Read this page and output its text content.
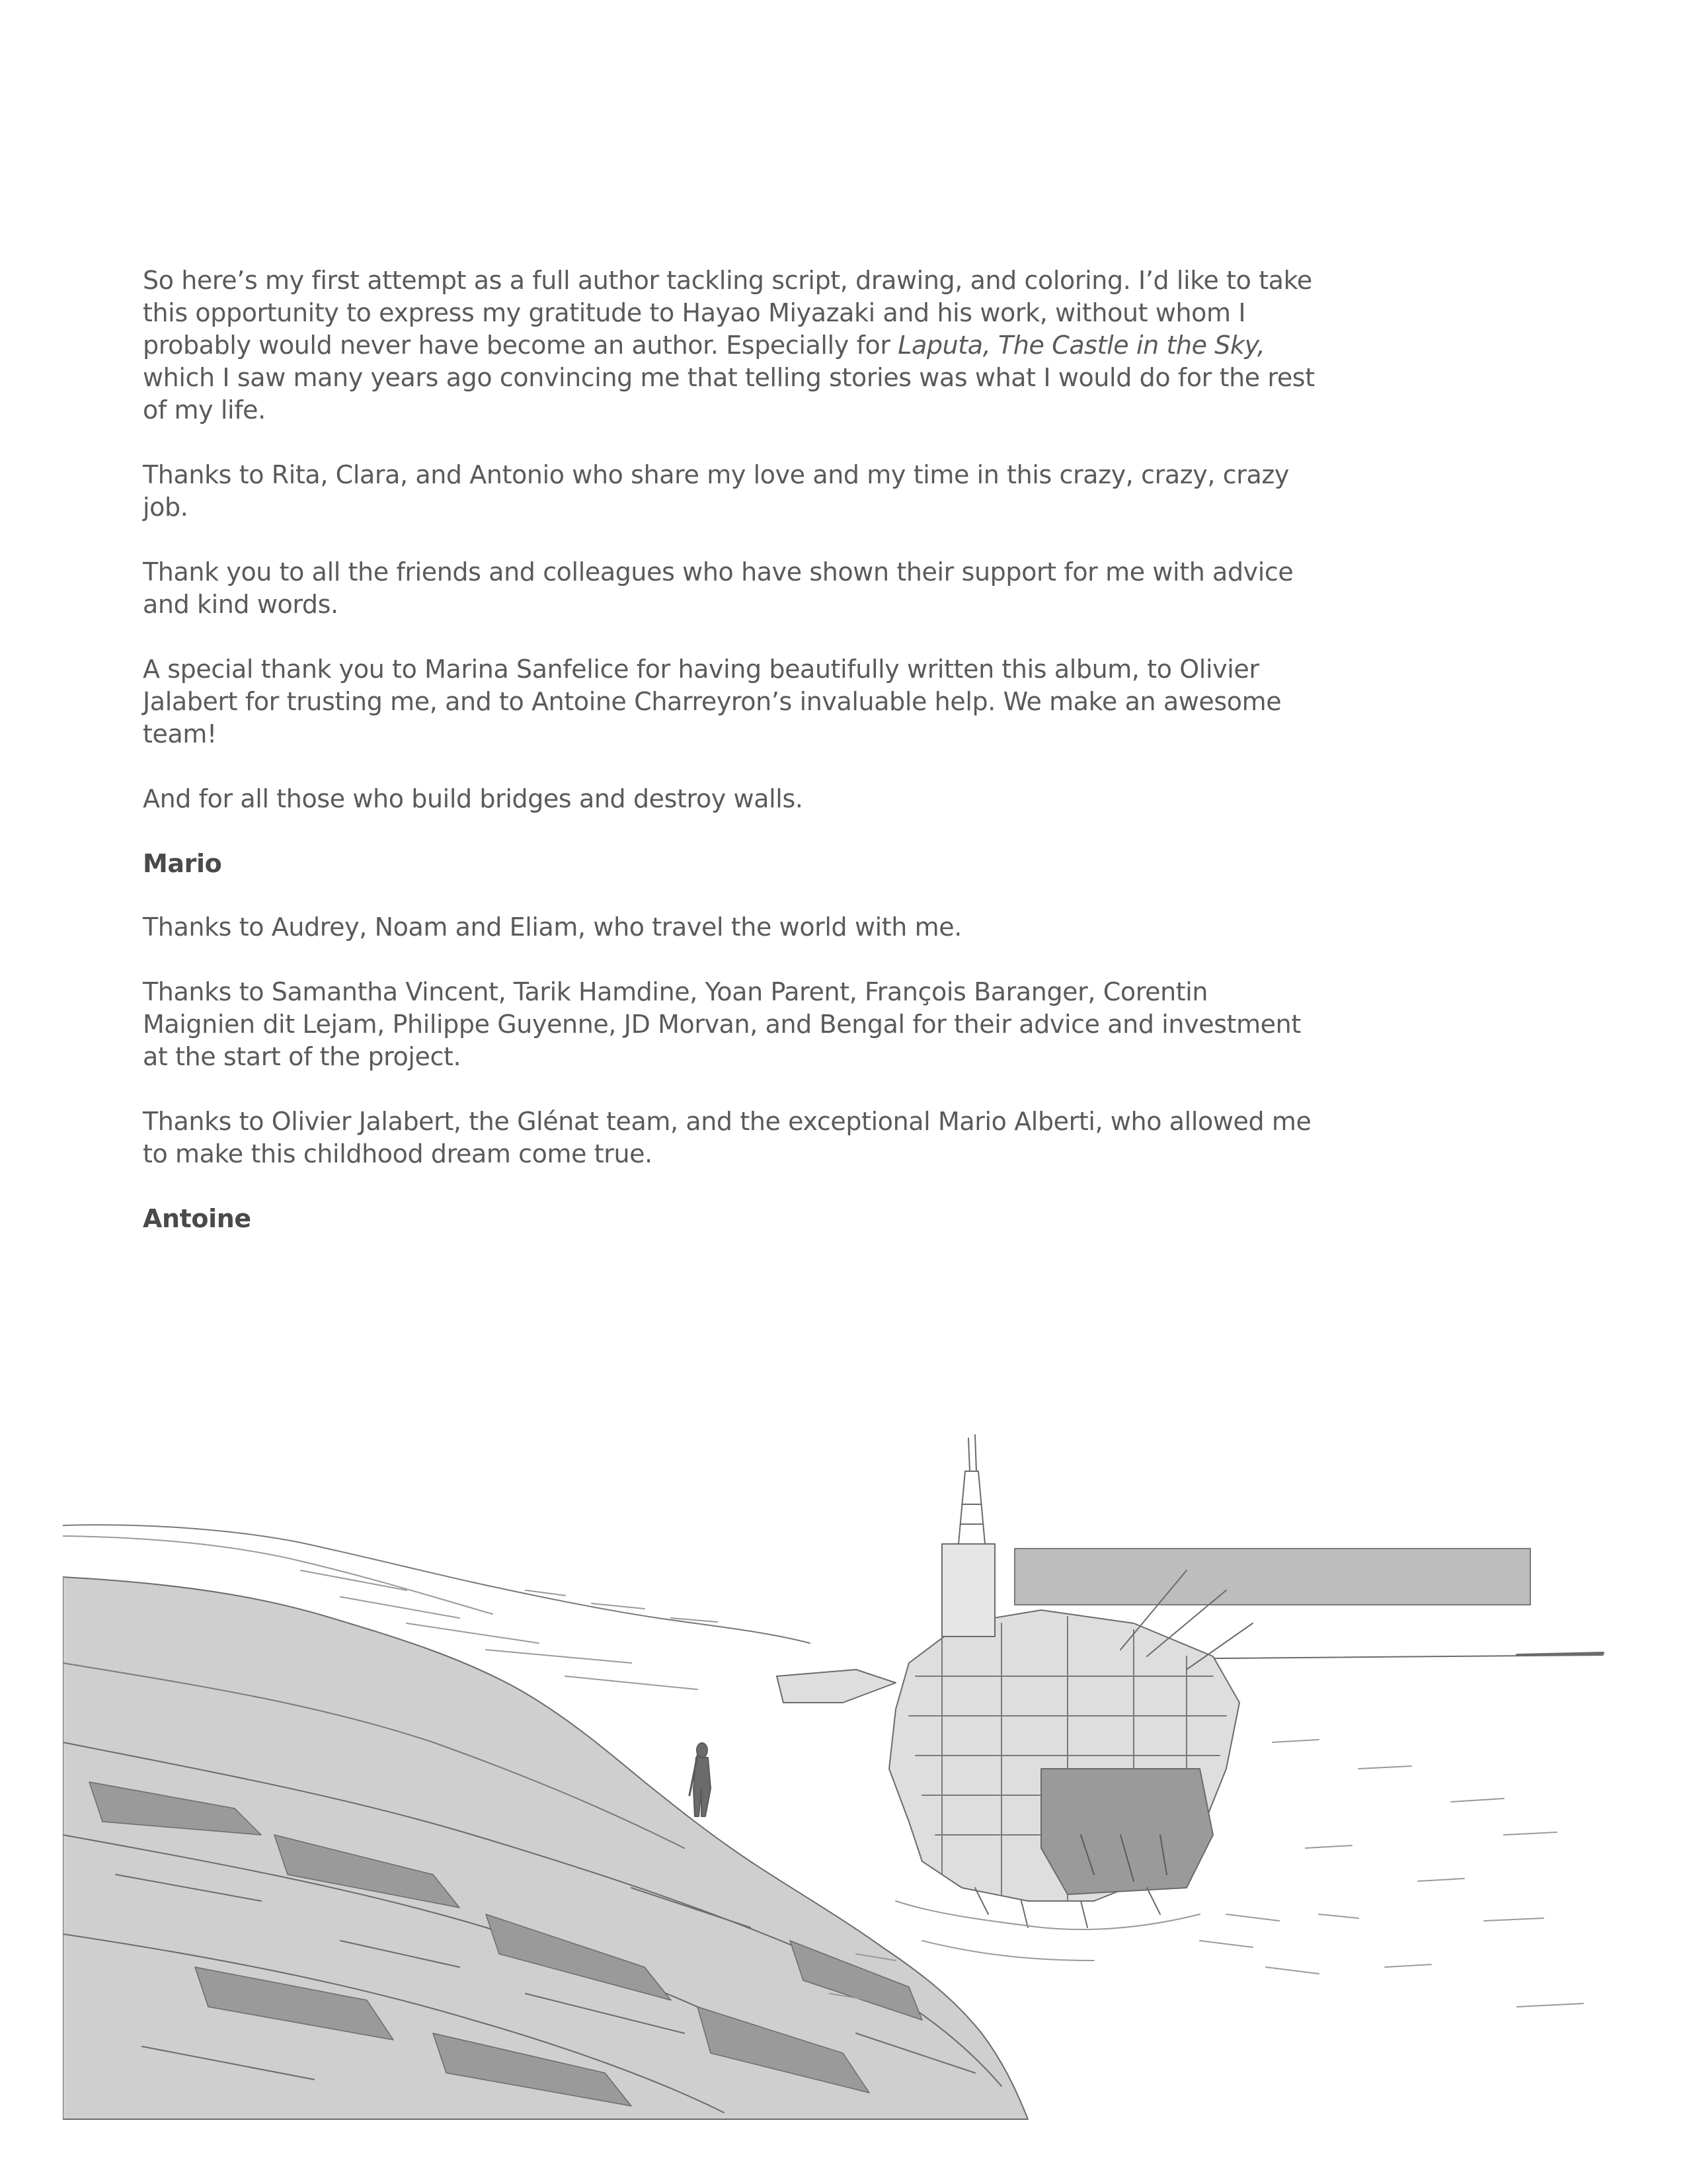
So here’s my first attempt as a full author tackling script, drawing, and coloring. I’d like to take this opportunity to express my gratitude to Hayao Miyazaki and his work, without whom I probably would never have become an author. Especially for Laputa, The Castle in the Sky, which I saw many years ago convincing me that telling stories was what I would do for the rest of my life.

Thanks to Rita, Clara, and Antonio who share my love and my time in this crazy, crazy, crazy job.

Thank you to all the friends and colleagues who have shown their support for me with advice and kind words.

A special thank you to Marina Sanfelice for having beautifully written this album, to Olivier Jalabert for trusting me, and to Antoine Charreyron’s invaluable help. We make an awesome team!

And for all those who build bridges and destroy walls.

Mario

Thanks to Audrey, Noam and Eliam, who travel the world with me.

Thanks to Samantha Vincent, Tarik Hamdine, Yoan Parent, François Baranger, Corentin Maignien dit Lejam, Philippe Guyenne, JD Morvan, and Bengal for their advice and investment at the start of the project.

Thanks to Olivier Jalabert, the Glénat team, and the exceptional Mario Alberti, who allowed me to make this childhood dream come true.

Antoine
